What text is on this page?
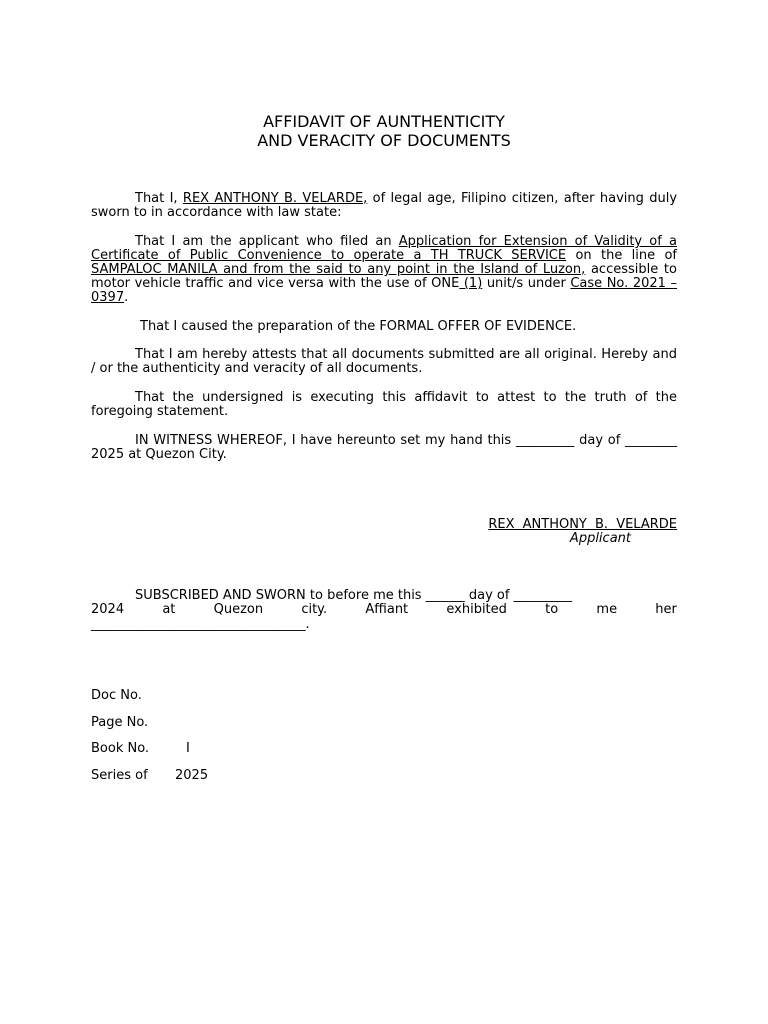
AFFIDAVIT OF AUNTHENTICITY
AND VERACITY OF DOCUMENTS
That I, REX ANTHONY B. VELARDE, of legal age, Filipino citizen, after having duly sworn to in accordance with law state:
That I am the applicant who filed an Application for Extension of Validity of a Certificate of Public Convenience to operate a TH TRUCK SERVICE on the line of SAMPALOC MANILA and from the said to any point in the Island of Luzon, accessible to motor vehicle traffic and vice versa with the use of ONE (1) unit/s under Case No. 2021 – 0397.
That I caused the preparation of the FORMAL OFFER OF EVIDENCE.
That I am hereby attests that all documents submitted are all original. Hereby and / or the authenticity and veracity of all documents.
That the undersigned is executing this affidavit to attest to the truth of the foregoing statement.
IN WITNESS WHEREOF, I have hereunto set my hand this _________ day of ________ 2025 at Quezon City.
REX ANTHONY B. VELARDE
Applicant
SUBSCRIBED AND SWORN to before me this ______ day of _________
2024	at	Quezon	city.	Affiant	exhibited	to	me	her
_________________________________.
Doc No.
Page No.
Book No.	I
Series of 2025
